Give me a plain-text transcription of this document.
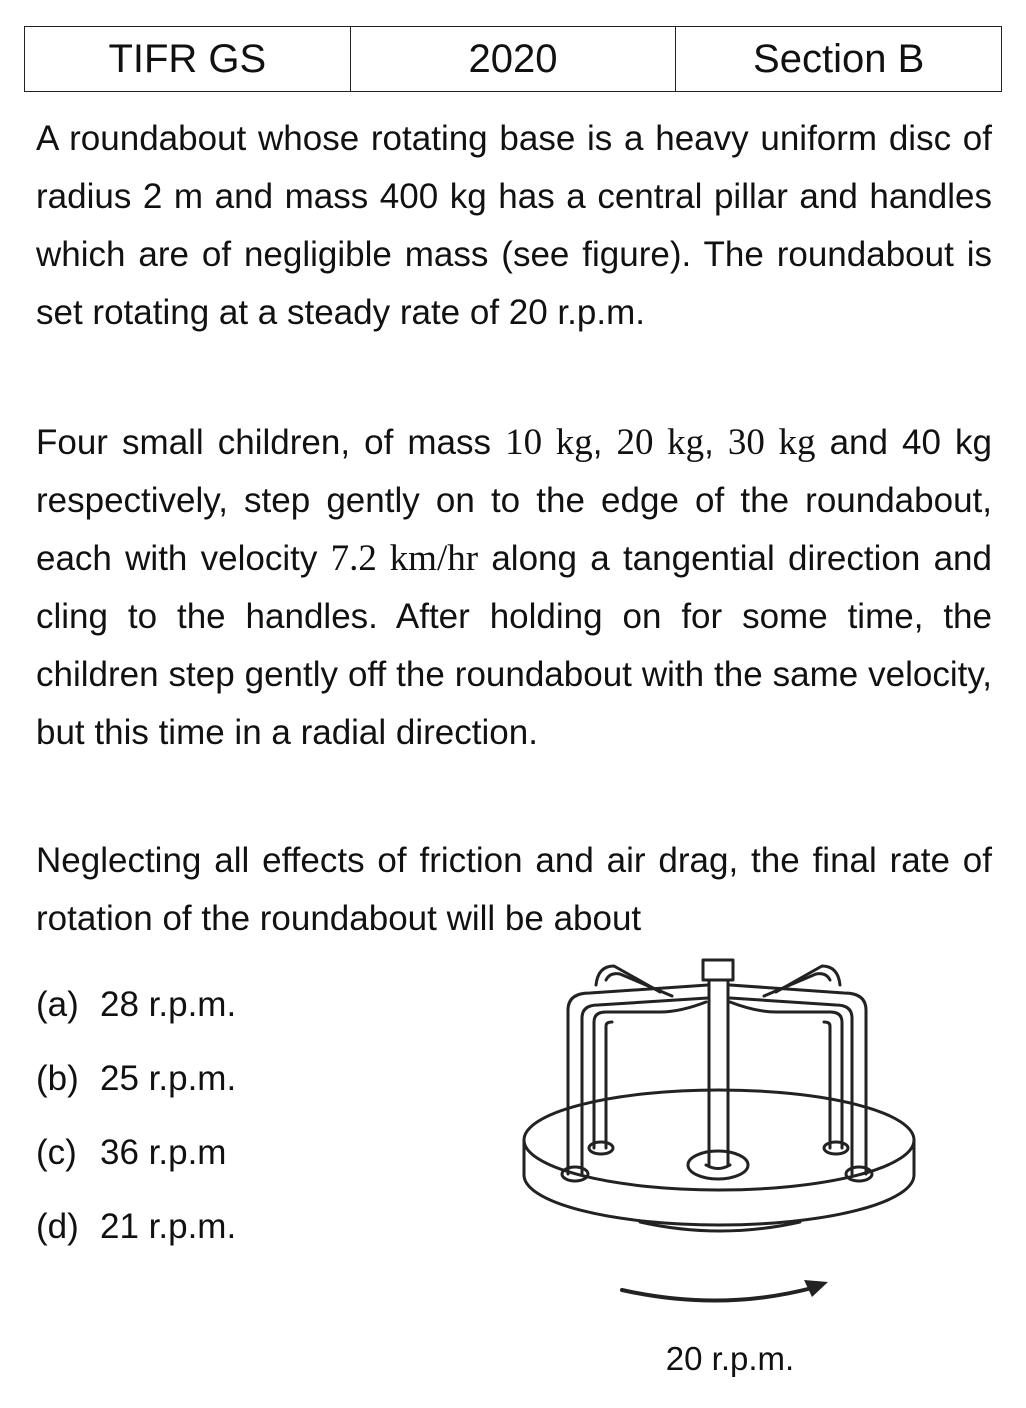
TIFR GS	2020	Section B

A roundabout whose rotating base is a heavy uniform disc of radius 2 m and mass 400 kg has a central pillar and handles which are of negligible mass (see figure). The roundabout is set rotating at a steady rate of 20 r.p.m.

Four small children, of mass 10 kg, 20 kg, 30 kg and 40 kg respectively, step gently on to the edge of the roundabout, each with velocity 7.2 km/hr along a tangential direction and cling to the handles. After holding on for some time, the children step gently off the roundabout with the same velocity, but this time in a radial direction.

Neglecting all effects of friction and air drag, the final rate of rotation of the roundabout will be about

(a) 28 r.p.m.
(b) 25 r.p.m.
(c) 36 r.p.m
(d) 21 r.p.m.
20 r.p.m.
